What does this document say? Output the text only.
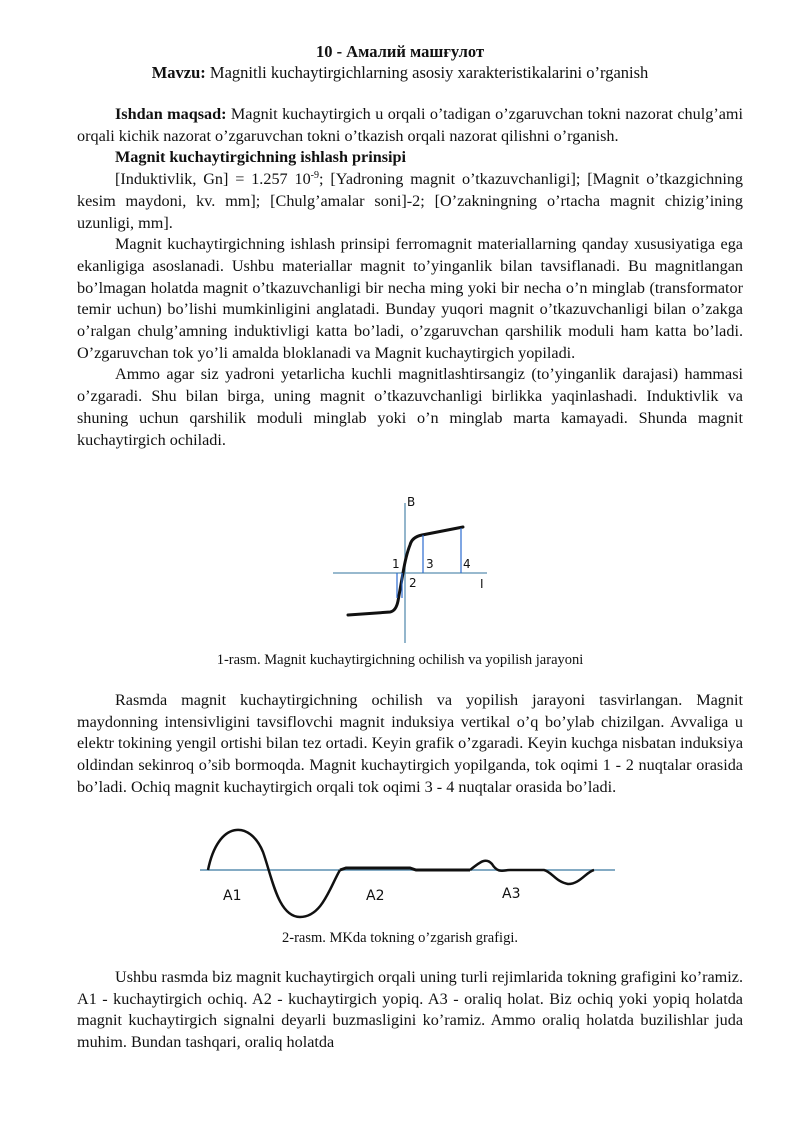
10 - Амалий машғулот
Mavzu: Magnitli kuchaytirgichlarning asosiy xarakteristikalarini o’rganish

Ishdan maqsad: Magnit kuchaytirgich u orqali o’tadigan o’zgaruvchan tokni nazorat chulg’ami orqali kichik nazorat o’zgaruvchan tokni o’tkazish orqali nazorat qilishni o’rganish.

Magnit kuchaytirgichning ishlash prinsipi

[Induktivlik, Gn] = 1.257 $10^{-9}$; [Yadroning magnit o’tkazuvchanligi]; [Magnit o’tkazgichning kesim maydoni, kv. mm]; [Chulg’amalar soni]-2; [O’zakningning o’rtacha magnit chizig’ining uzunligi, mm].

Magnit kuchaytirgichning ishlash prinsipi ferromagnit materiallarning qanday xususiyatiga ega ekanligiga asoslanadi. Ushbu materiallar magnit to’yinganlik bilan tavsiflanadi. Bu magnitlangan bo’lmagan holatda magnit o’tkazuvchanligi bir necha ming yoki bir necha o’n minglab (transformator temir uchun) bo’lishi mumkinligini anglatadi. Bunday yuqori magnit o’tkazuvchanligi bilan o’zakga o’ralgan chulg’amning induktivligi katta bo’ladi, o’zgaruvchan qarshilik moduli ham katta bo’ladi. O’zgaruvchan tok yo’li amalda bloklanadi va Magnit kuchaytirgich yopiladi.

Ammo agar siz yadroni yetarlicha kuchli magnitlashtirsangiz (to’yinganlik darajasi) hammasi o’zgaradi. Shu bilan birga, uning magnit o’tkazuvchanligi birlikka yaqinlashadi. Induktivlik va shuning uchun qarshilik moduli minglab yoki o’n minglab marta kamayadi. Shunda magnit kuchaytirgich ochiladi.

B
I
1
2
3 4
1-rasm. Magnit kuchaytirgichning ochilish va yopilish jarayoni

Rasmda magnit kuchaytirgichning ochilish va yopilish jarayoni tasvirlangan. Magnit maydonning intensivligini tavsiflovchi magnit induksiya vertikal o’q bo’ylab chizilgan. Avvaliga u elektr tokining yengil ortishi bilan tez ortadi. Keyin grafik o’zgaradi. Keyin kuchga nisbatan induksiya oldindan sekinroq o’sib bormoqda. Magnit kuchaytirgich yopilganda, tok oqimi 1 - 2 nuqtalar orasida bo’ladi. Ochiq magnit kuchaytirgich orqali tok oqimi 3 - 4 nuqtalar orasida bo’ladi.

A1	A2	A3
2-rasm. MKda tokning o’zgarish grafigi.

Ushbu rasmda biz magnit kuchaytirgich orqali uning turli rejimlarida tokning grafigini ko’ramiz. A1 - kuchaytirgich ochiq. A2 - kuchaytirgich yopiq. A3 - oraliq holat. Biz ochiq yoki yopiq holatda magnit kuchaytirgich signalni deyarli buzmasligini ko’ramiz. Ammo oraliq holatda buzilishlar juda muhim. Bundan tashqari, oraliq holatda
